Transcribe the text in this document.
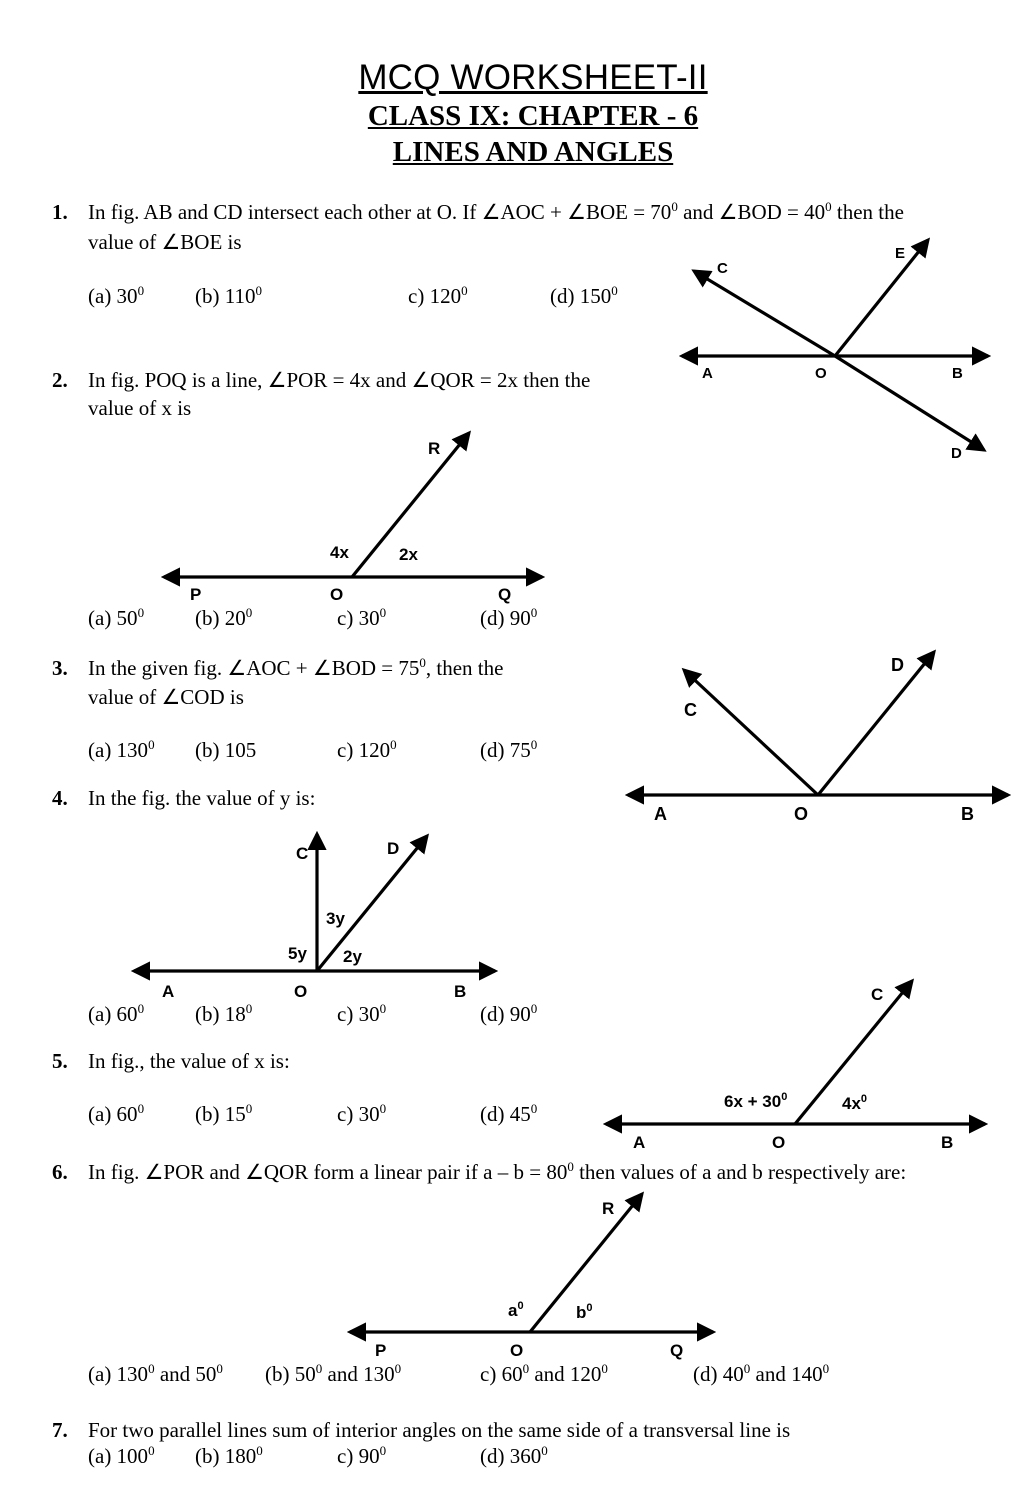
MCQ WORKSHEET-II
CLASS IX: CHAPTER - 6
LINES AND ANGLES
1. In fig. AB and CD intersect each other at O. If ∠AOC + ∠BOE = $70^0$ and ∠BOD = $40^0$ then the
value of ∠BOE is
(a) $30^0$ (b) $110^0$	c) $120^0$	(d) $150^0$
2. In fig. POQ is a line, ∠POR = 4x and ∠QOR = 2x then the
value of x is
(a) $50^0$ (b) $20^0$	c) $30^0$	(d) $90^0$
3. In the given fig. ∠AOC + ∠BOD = $75^0$, then the
value of ∠COD is
(a) $130^0$ (b) 105	c) $120^0$	(d) $75^0$
4. In the fig. the value of y is:
(a) $60^0$ (b) $18^0$	c) $30^0$	(d) $90^0$
5. In fig., the value of x is:
(a) $60^0$ (b) $15^0$	c) $30^0$	(d) $45^0$
6. In fig. ∠POR and ∠QOR form a linear pair if $a - b = 80^0$ then values of a and b respectively are:
(a) $130^0$ and $50^0$ (b) $50^0$ and $130^0$	c) $60^0$ and $120^0$	(d) $40^0$ and $140^0$
7. For two parallel lines sum of interior angles on the same side of a transversal line is
(a) $100^0$ (b) $180^0$	c) $90^0$	(d) $360^0$
C
E
A	O	B
D
R
4x	2x
P	O	Q
C
D
A	O	B
C	D
3y
5y 2y
A	O	B	C
$6x + 30^0$	$4x^0$
A	O	B
R
$a^0$	$b^0$
P	O	Q
